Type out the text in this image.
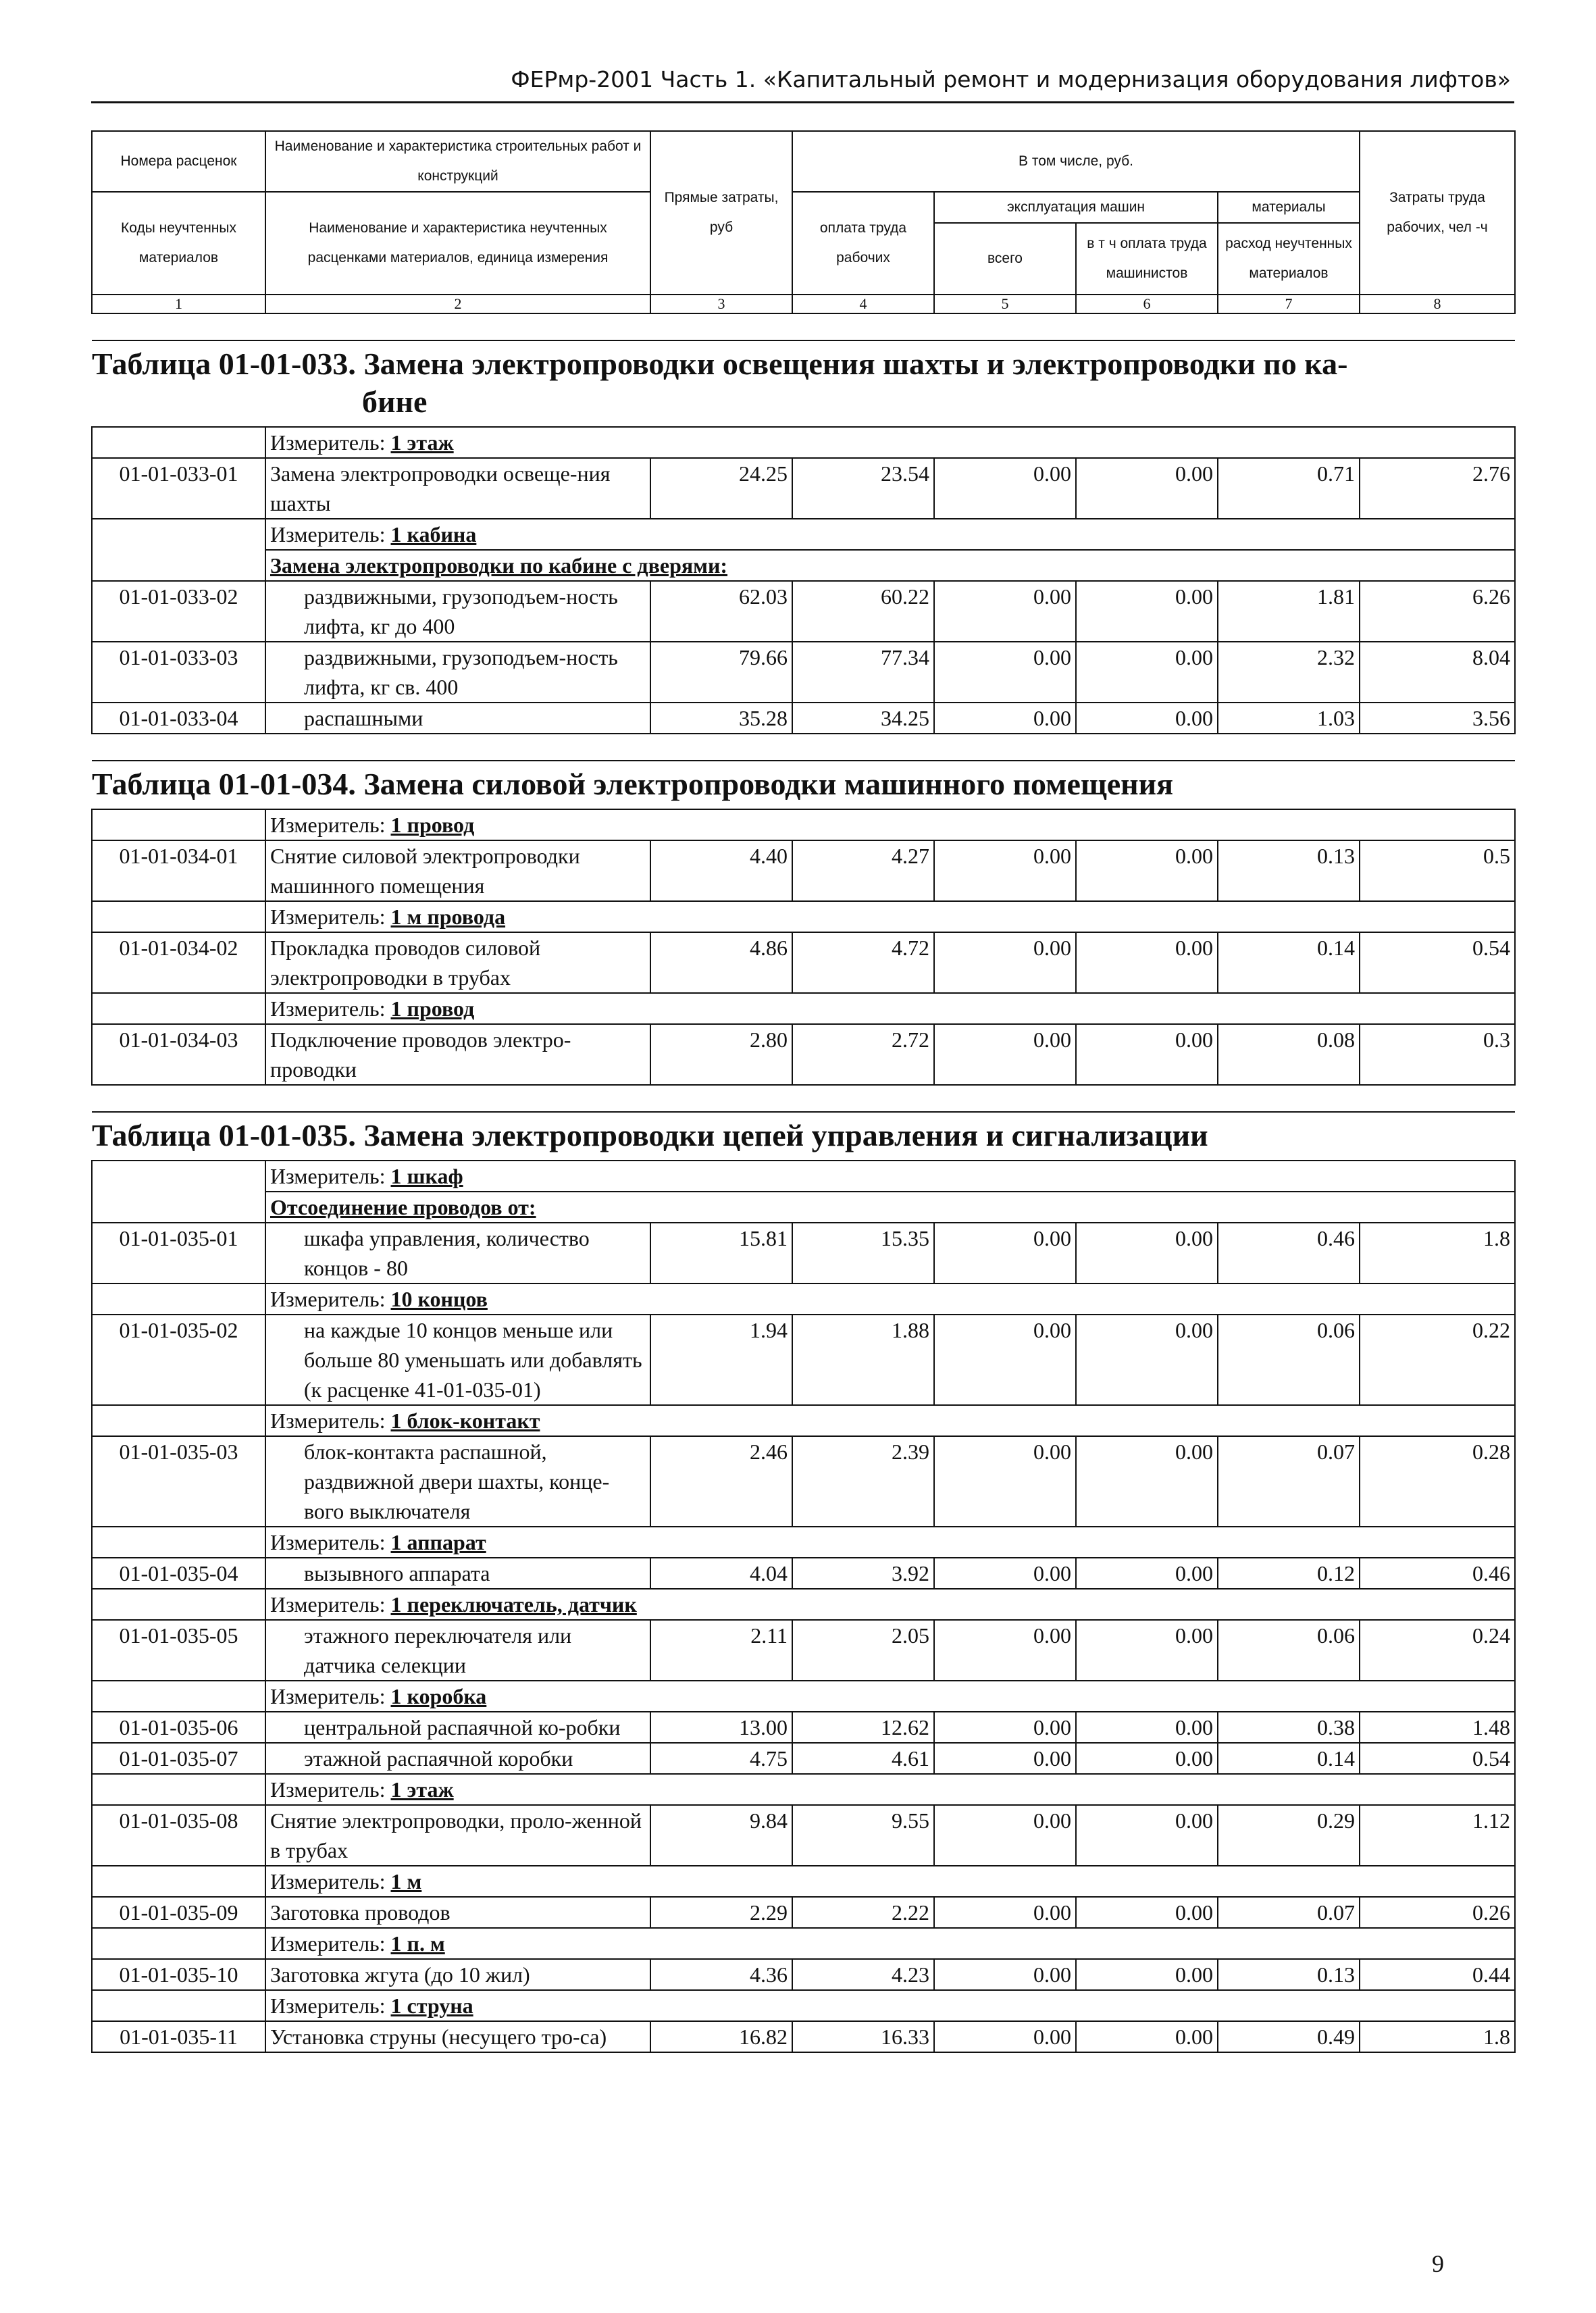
ФЕРмр-2001 Часть 1. «Капитальный ремонт и модернизация оборудования лифтов»
Номера расценок	Наименование и характеристика строительных работ и конструкций	Прямые затраты, руб	В том числе, руб.				Затраты труда рабочих, чел -ч
Коды неучтенных материалов	Наименование и характеристика неучтенных расценками материалов, единица измерения		оплата труда рабочих	эксплуатация машин		материалы	
				всего	в т ч оплата труда машинистов	расход неучтенных материалов	
1	2	3	4	5	6	7	8

Таблица 01-01-033. Замена электропроводки освещения шахты и электропроводки по ка-
бине							

	Измеритель: 1 этаж						
01-01-033-01	Замена электропроводки освеще-ния шахты	24.25	23.54	0.00	0.00	0.71	2.76
	Измеритель: 1 кабина						
	Замена электропроводки по кабине с дверями:						
01-01-033-02	раздвижными, грузоподъем-ность лифта, кг до 400	62.03	60.22	0.00	0.00	1.81	6.26
01-01-033-03	раздвижными, грузоподъем-ность лифта, кг св. 400	79.66	77.34	0.00	0.00	2.32	8.04
01-01-033-04	распашными	35.28	34.25	0.00	0.00	1.03	3.56

Таблица 01-01-034. Замена силовой электропроводки машинного помещения							
	Измеритель: 1 провод						
01-01-034-01	Снятие силовой электропроводки машинного помещения	4.40	4.27	0.00	0.00	0.13	0.5
	Измеритель: 1 м провода						
01-01-034-02	Прокладка проводов силовой электропроводки в трубах	4.86	4.72	0.00	0.00	0.14	0.54
	Измеритель: 1 провод						
01-01-034-03	Подключение проводов электро-проводки	2.80	2.72	0.00	0.00	0.08	0.3

Таблица 01-01-035. Замена электропроводки цепей управления и сигнализации							
	Измеритель: 1 шкаф						
	Отсоединение проводов от:						
01-01-035-01	шкафа управления, количество концов - 80	15.81	15.35	0.00	0.00	0.46	1.8
	Измеритель: 10 концов						
01-01-035-02	на каждые 10 концов меньше или больше 80 уменьшать или добавлять (к расценке 41-01-035-01)	1.94	1.88	0.00	0.00	0.06	0.22
	Измеритель: 1 блок-контакт						
01-01-035-03	блок-контакта распашной, раздвижной двери шахты, конце-вого выключателя	2.46	2.39	0.00	0.00	0.07	0.28
	Измеритель: 1 аппарат						
01-01-035-04	вызывного аппарата	4.04	3.92	0.00	0.00	0.12	0.46
	Измеритель: 1 переключатель, датчик						
01-01-035-05	этажного переключателя или датчика селекции	2.11	2.05	0.00	0.00	0.06	0.24
	Измеритель: 1 коробка						
01-01-035-06	центральной распаячной ко-робки	13.00	12.62	0.00	0.00	0.38	1.48
01-01-035-07	этажной распаячной коробки	4.75	4.61	0.00	0.00	0.14	0.54
	Измеритель: 1 этаж						
01-01-035-08	Снятие электропроводки, проло-женной в трубах	9.84	9.55	0.00	0.00	0.29	1.12
	Измеритель: 1 м						
01-01-035-09	Заготовка проводов	2.29	2.22	0.00	0.00	0.07	0.26
	Измеритель: 1 п. м						
01-01-035-10	Заготовка жгута (до 10 жил)	4.36	4.23	0.00	0.00	0.13	0.44
	Измеритель: 1 струна						
01-01-035-11	Установка струны (несущего тро-са)	16.82	16.33	0.00	0.00	0.49	1.8
9
